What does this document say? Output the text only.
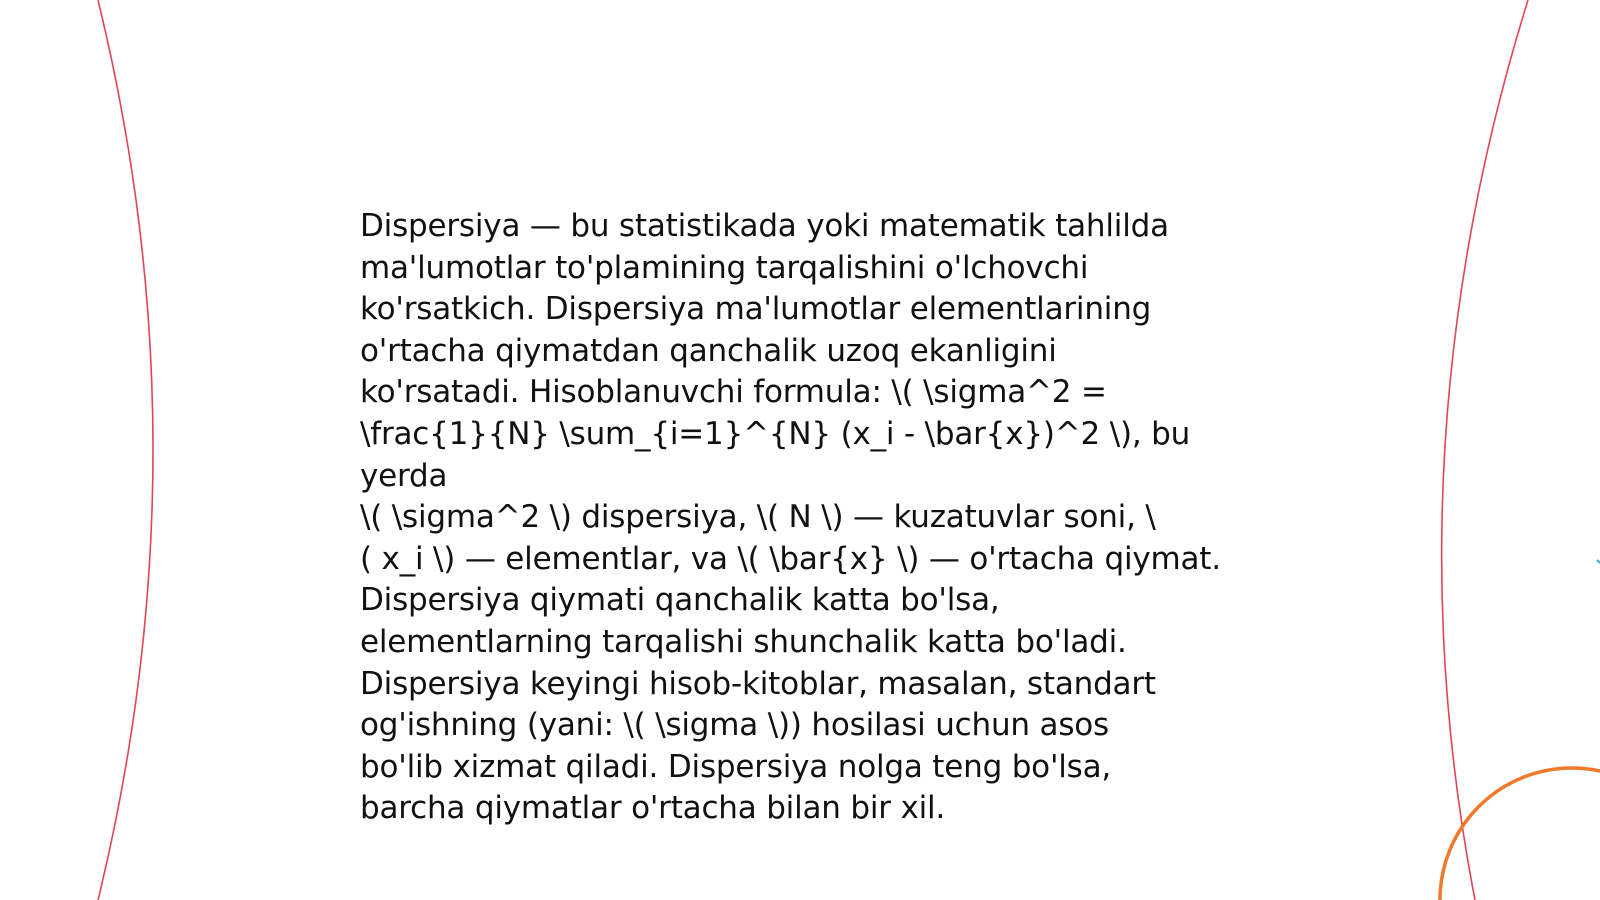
Dispersiya — bu statistikada yoki matematik tahlilda
ma'lumotlar to'plamining tarqalishini o'lchovchi
ko'rsatkich. Dispersiya ma'lumotlar elementlarining
o'rtacha qiymatdan qanchalik uzoq ekanligini
ko'rsatadi. Hisoblanuvchi formula: \( \sigma^2 =
\frac{1}{N} \sum_{i=1}^{N} (x_i - \bar{x})^2 \), bu yerda
\( \sigma^2 \) dispersiya, \( N \) — kuzatuvlar soni, \
( x_i \) — elementlar, va \( \bar{x} \) — o'rtacha qiymat.
Dispersiya qiymati qanchalik katta bo'lsa,
elementlarning tarqalishi shunchalik katta bo'ladi.
Dispersiya keyingi hisob-kitoblar, masalan, standart
og'ishning (yani: \( \sigma \)) hosilasi uchun asos
bo'lib xizmat qiladi. Dispersiya nolga teng bo'lsa,
barcha qiymatlar o'rtacha bilan bir xil.
